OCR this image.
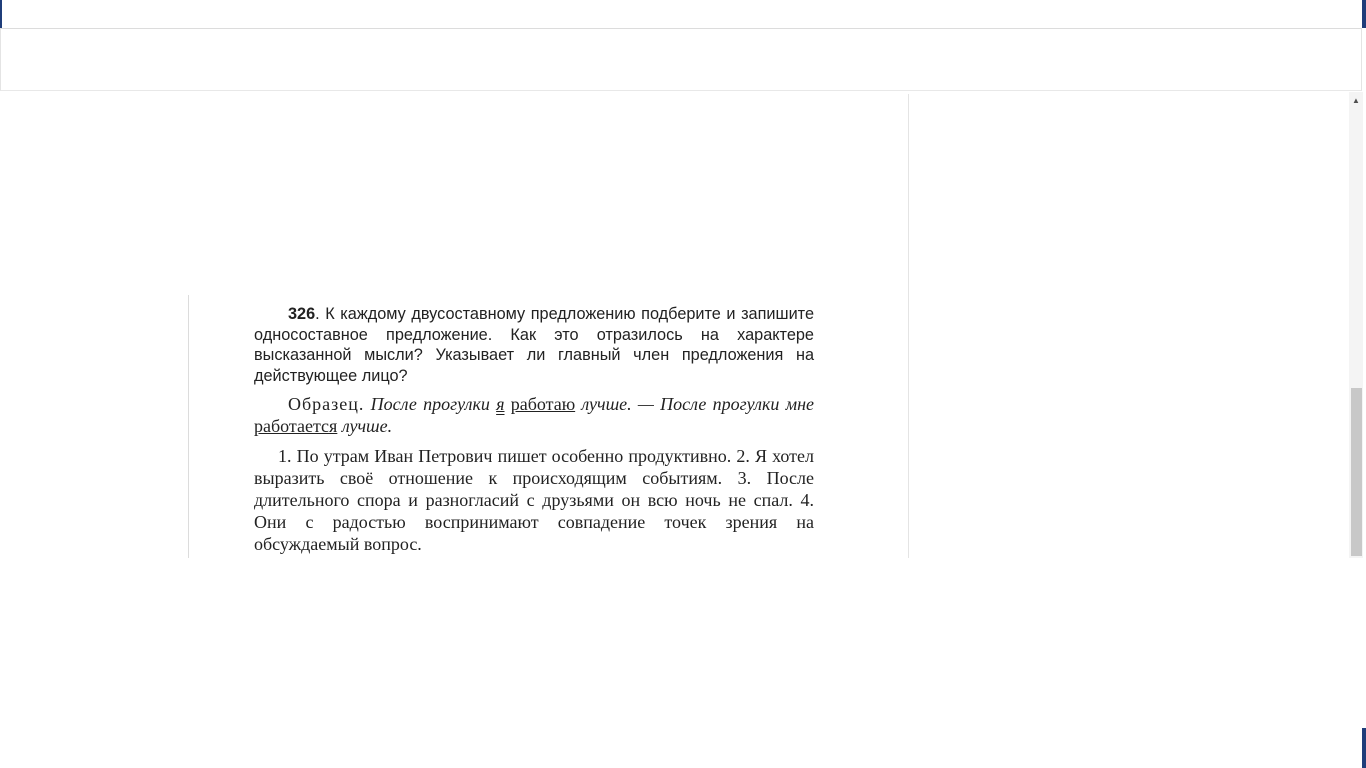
▲

326. К каждому двусоставному предложению подберите и запишите односоставное предложение. Как это отразилось на характере высказанной мысли? Указывает ли главный член предложения на действующее лицо?

Образец. После прогулки я работаю лучше. — После прогулки мне работается лучше.

1. По утрам Иван Петрович пишет особенно продуктивно. 2. Я хотел выразить своё отношение к происходящим событиям. 3. После длительного спора и разногласий с друзьями он всю ночь не спал. 4. Они с радостью воспринимают совпадение точек зрения на обсуждаемый вопрос.
